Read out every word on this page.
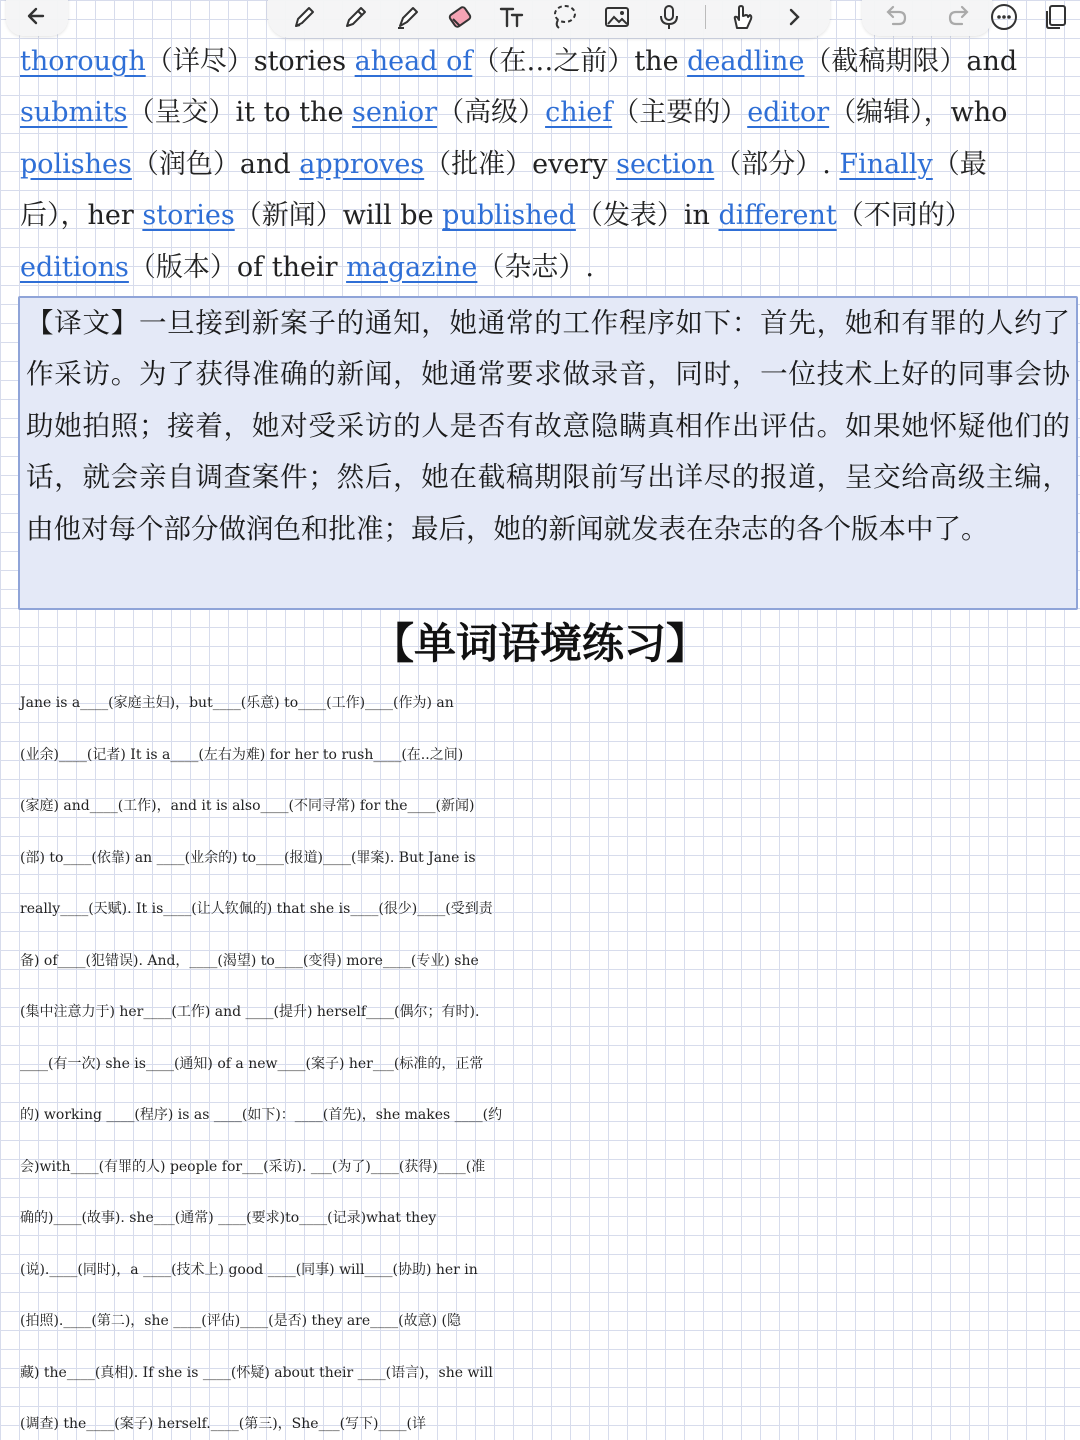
thorough（详尽）stories ahead of（在…之前）the deadline（截稿期限）and
submits（呈交）it to the senior（高级）chief（主要的）editor（编辑），who
polishes（润色）and approves（批准）every section（部分）. Finally（最
后），her stories（新闻）will be published（发表）in different（不同的）
editions（版本）of their magazine（杂志）.

【译文】一旦接到新案子的通知，她通常的工作程序如下：首先，她和有罪的人约了作采访。为了获得准确的新闻，她通常要求做录音，同时，一位技术上好的同事会协助她拍照；接着，她对受采访的人是否有故意隐瞒真相作出评估。如果她怀疑他们的话，就会亲自调查案件；然后，她在截稿期限前写出详尽的报道，呈交给高级主编，由他对每个部分做润色和批准；最后，她的新闻就发表在杂志的各个版本中了。

【单词语境练习】
Jane is a____(家庭主妇)，but____(乐意) to____(工作)____(作为) an
(业余)____(记者) It is a____(左右为难) for her to rush____(在..之间)
(家庭) and____(工作)，and it is also____(不同寻常) for the____(新闻)
(部) to____(依靠) an ____(业余的) to____(报道)____(罪案). But Jane is
really____(天赋). It is____(让人钦佩的) that she is____(很少)____(受到责
备) of____(犯错误). And，____(渴望) to____(变得) more____(专业) she
(集中注意力于) her____(工作) and ____(提升) herself____(偶尔；有时).
____(有一次) she is____(通知) of a new____(案子) her___(标准的，正常
的) working ____(程序) is as ____(如下)：____(首先)，she makes ____(约
会)with____(有罪的人) people for___(采访). ___(为了)____(获得)____(准
确的)____(故事). she___(通常) ____(要求)to____(记录)what they
(说).____(同时)，a ____(技术上) good ____(同事) will____(协助) her in
(拍照).____(第二)，she ____(评估)____(是否) they are____(故意) (隐
藏) the____(真相). If she is ____(怀疑) about their ____(语言)，she will
(调查) the____(案子) herself.____(第三)，She___(写下)____(详
